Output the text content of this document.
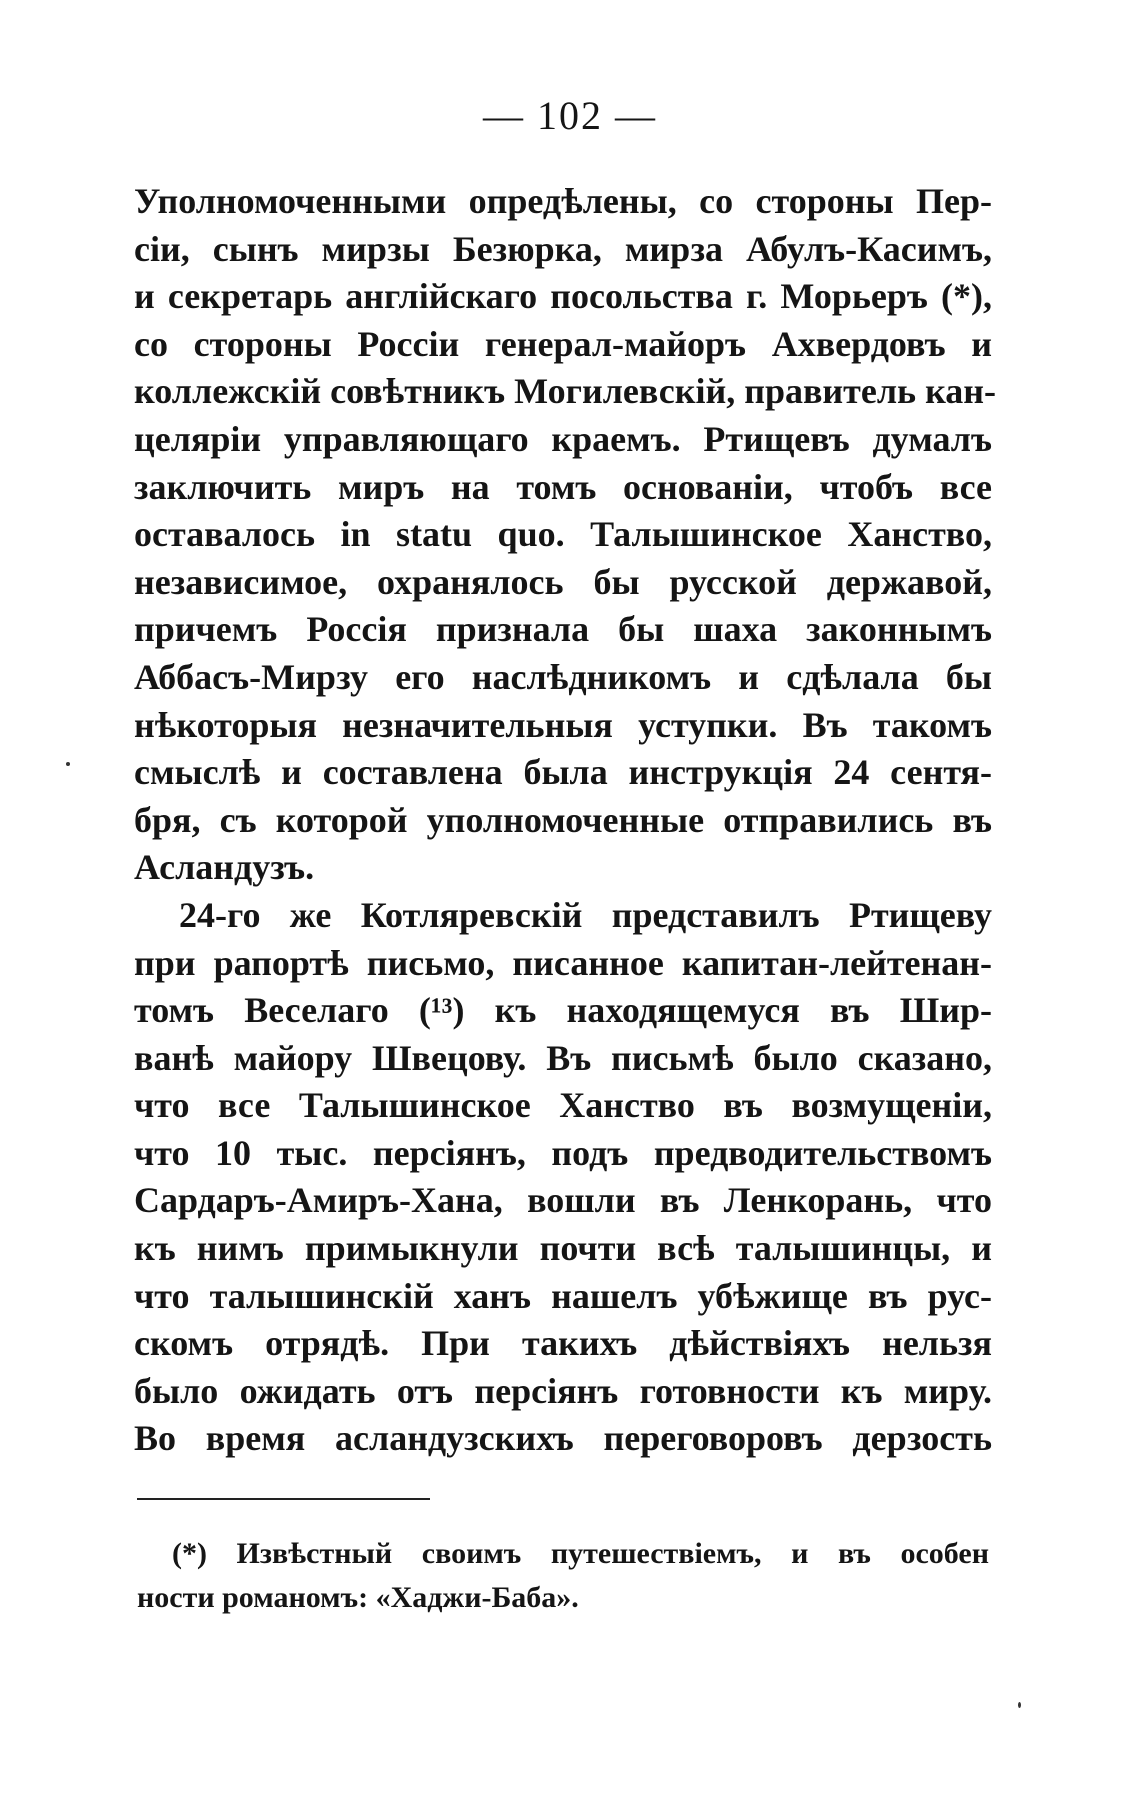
— 102 —
Уполномоченными опредѣлены, со стороны Пер-
сіи, сынъ мирзы Безюрка, мирза Абулъ-Касимъ,
и секретарь англійскаго посольства г. Морьеръ (*),
со стороны Россіи генерал-майоръ Ахвердовъ и
коллежскій совѣтникъ Могилевскій, правитель кан-
целяріи управляющаго краемъ. Ртищевъ думалъ
заключить миръ на томъ основаніи, чтобъ все
оставалось in statu quo. Талышинское Ханство,
независимое, охранялось бы русской державой,
причемъ Россія признала бы шаха законнымъ
Аббасъ-Мирзу его наслѣдникомъ и сдѣлала бы
нѣкоторыя незначительныя уступки. Въ такомъ
смыслѣ и составлена была инструкція 24 сентя-
бря, съ которой уполномоченные отправились въ
Асландузъ.
24-го же Котляревскій представилъ Ртищеву
при рапортѣ письмо, писанное капитан-лейтенан-
томъ Веселаго (¹³) къ находящемуся въ Шир-
ванѣ майору Швецову. Въ письмѣ было сказано,
что все Талышинское Ханство въ возмущеніи,
что 10 тыс. персіянъ, подъ предводительствомъ
Сардаръ-Амиръ-Хана, вошли въ Ленкорань, что
къ нимъ примыкнули почти всѣ талышинцы, и
что талышинскій ханъ нашелъ убѣжище въ рус-
скомъ отрядѣ. При такихъ дѣйствіяхъ нельзя
было ожидать отъ персіянъ готовности къ миру.
Во время асландузскихъ переговоровъ дерзость
(*) Извѣстный своимъ путешествіемъ, и въ особен
ности романомъ: «Хаджи-Баба».
